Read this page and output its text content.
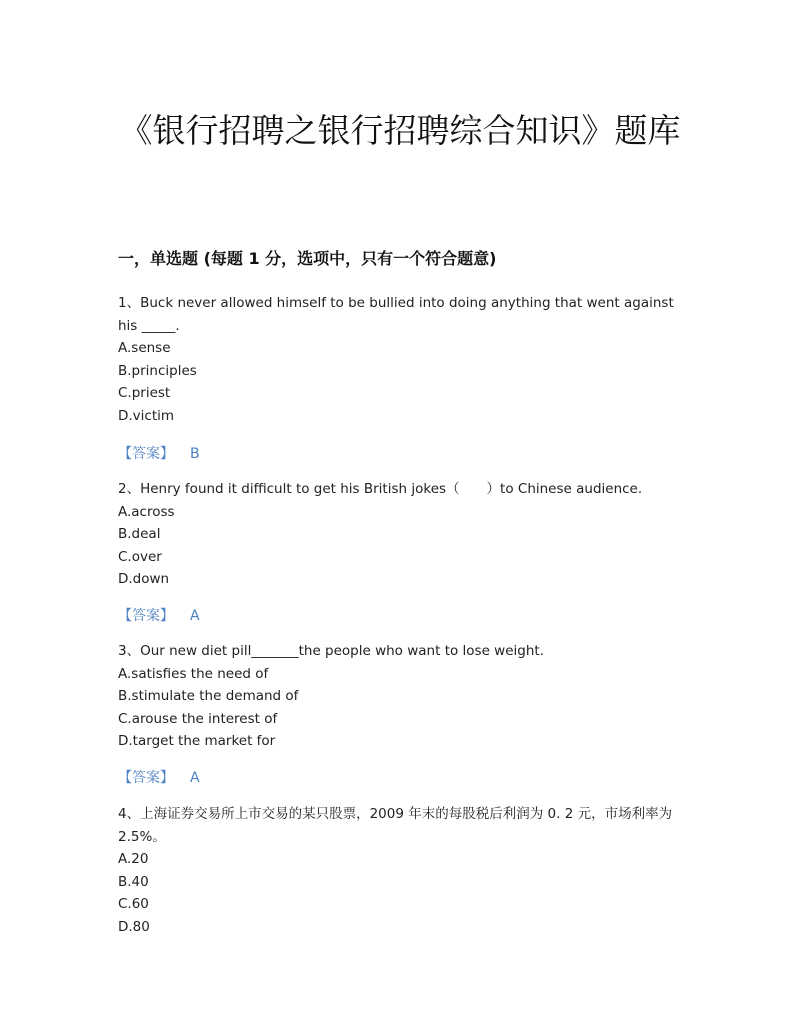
《银行招聘之银行招聘综合知识》题库
一，单选题 (每题 1 分，选项中，只有一个符合题意)
1、Buck never allowed himself to be bullied into doing anything that went against his _____.
A.sense
B.principles
C.priest
D.victim
【答案】 B
2、Henry found it difficult to get his British jokes（　　）to Chinese audience.
A.across
B.deal
C.over
D.down
【答案】 A
3、Our new diet pill_______the people who want to lose weight.
A.satisfies the need of
B.stimulate the demand of
C.arouse the interest of
D.target the market for
【答案】 A
4、上海证券交易所上市交易的某只股票，2009 年末的每股税后利润为 0. 2 元，市场利率为 2.5%。
A.20
B.40
C.60
D.80
